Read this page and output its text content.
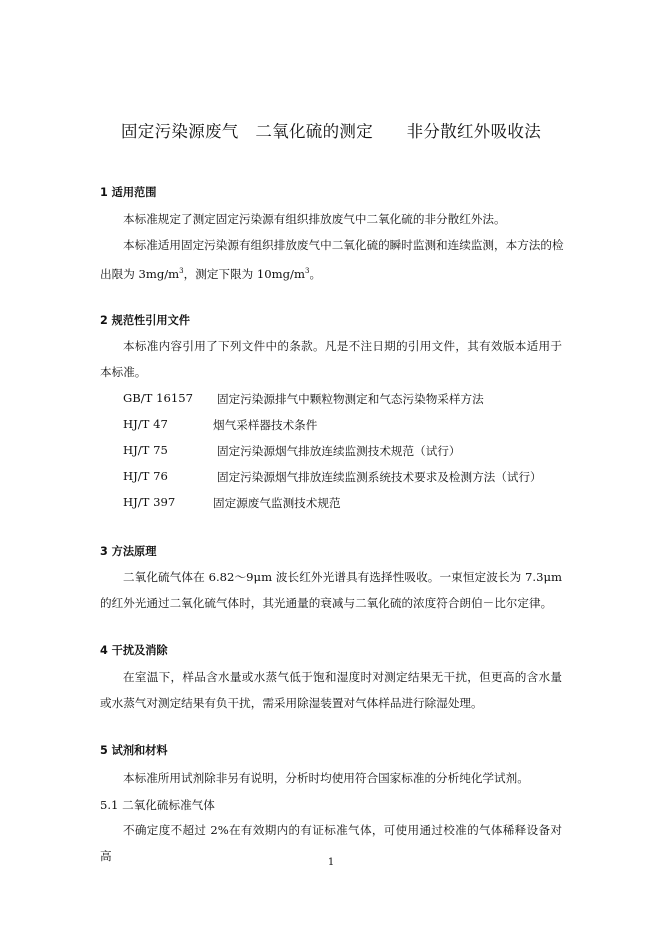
固定污染源废气　二氧化硫的测定　　非分散红外吸收法
1 适用范围
本标准规定了测定固定污染源有组织排放废气中二氧化硫的非分散红外法。
本标准适用固定污染源有组织排放废气中二氧化硫的瞬时监测和连续监测，本方法的检
出限为 $3mg/m^3$，测定下限为 $10mg/m^3$。
2 规范性引用文件
本标准内容引用了下列文件中的条款。凡是不注日期的引用文件，其有效版本适用于本标准。
GB/T 16157 固定污染源排气中颗粒物测定和气态污染物采样方法
HJ/T 47	烟气采样器技术条件
HJ/T 75	固定污染源烟气排放连续监测技术规范（试行）
HJ/T 76	固定污染源烟气排放连续监测系统技术要求及检测方法（试行）
HJ/T 397	固定源废气监测技术规范
3 方法原理
二氧化硫气体在 6.82～9μm 波长红外光谱具有选择性吸收。一束恒定波长为 7.3μm 的红外光通过二氧化硫气体时，其光通量的衰减与二氧化硫的浓度符合朗伯－比尔定律。
4 干扰及消除
在室温下，样品含水量或水蒸气低于饱和湿度时对测定结果无干扰，但更高的含水量或水蒸气对测定结果有负干扰，需采用除湿装置对气体样品进行除湿处理。
5 试剂和材料
本标准所用试剂除非另有说明，分析时均使用符合国家标准的分析纯化学试剂。
5.1 二氧化硫标准气体
不确定度不超过 2%在有效期内的有证标准气体，可使用通过校准的气体稀释设备对高	1
